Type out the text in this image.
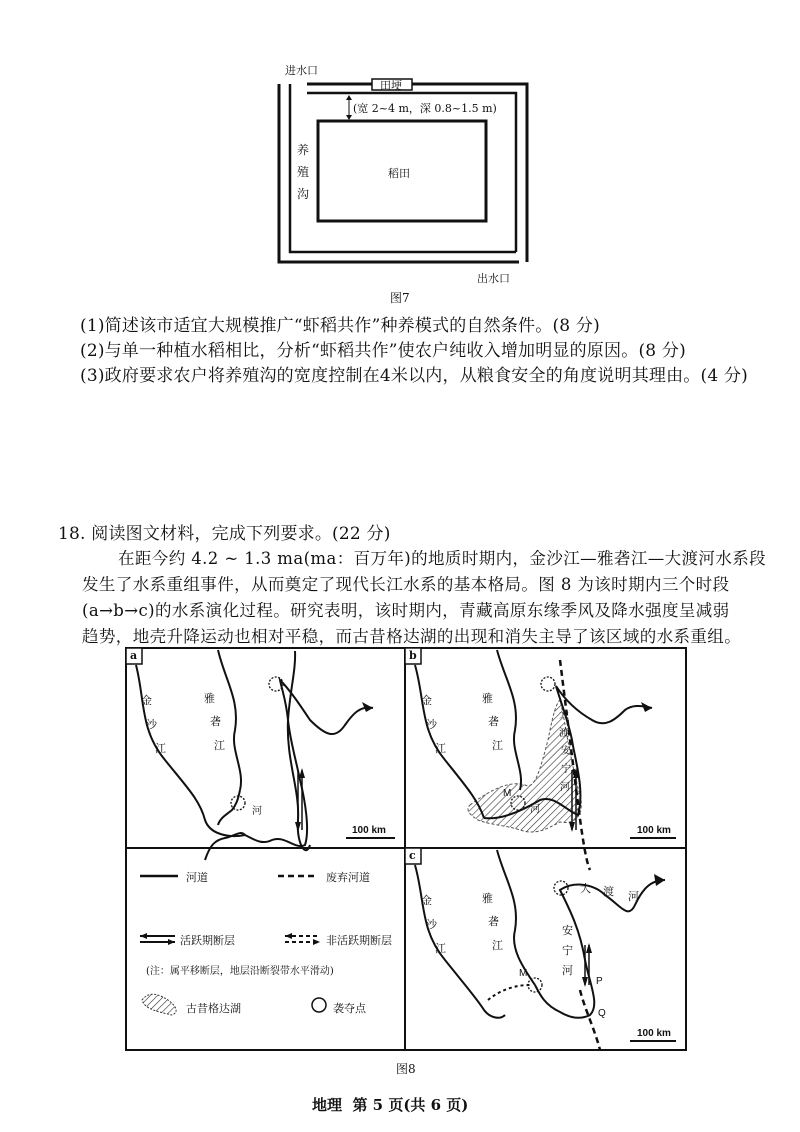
进水口
田埂
(宽 2~4 m，深 0.8~1.5 m)
养
殖
沟
稻田
出水口
图7
(1)简述该市适宜大规模推广“虾稻共作”种养模式的自然条件。(8 分)
(2)与单一种植水稻相比，分析“虾稻共作”使农户纯收入增加明显的原因。(8 分)
(3)政府要求农户将养殖沟的宽度控制在4米以内，从粮食安全的角度说明其理由。(4 分)
18. 阅读图文材料，完成下列要求。(22 分)
在距今约 4.2 ~ 1.3 ma(ma：百万年)的地质时期内，金沙江—雅砻江—大渡河水系段
发生了水系重组事件，从而奠定了现代长江水系的基本格局。图 8 为该时期内三个时段
(a→b→c)的水系演化过程。研究表明，该时期内，青藏高原东缘季风及降水强度呈减弱
趋势，地壳升降运动也相对平稳，而古昔格达湖的出现和消失主导了该区域的水系重组。
a	b
c
金
沙
江
雅
砻
江
河
100 km
金
沙
江
雅
砻
江
大
渡
安
宁
河
M
河
100 km
河道	废弃河道
活跃期断层	非活跃期断层
(注：属平移断层，地层沿断裂带水平滑动)
古昔格达湖	袭夺点
金
沙
江
雅
砻
江
大 渡 河
安
宁
河
M
P
Q
100 km
图8
地理  第 5 页(共 6 页)
